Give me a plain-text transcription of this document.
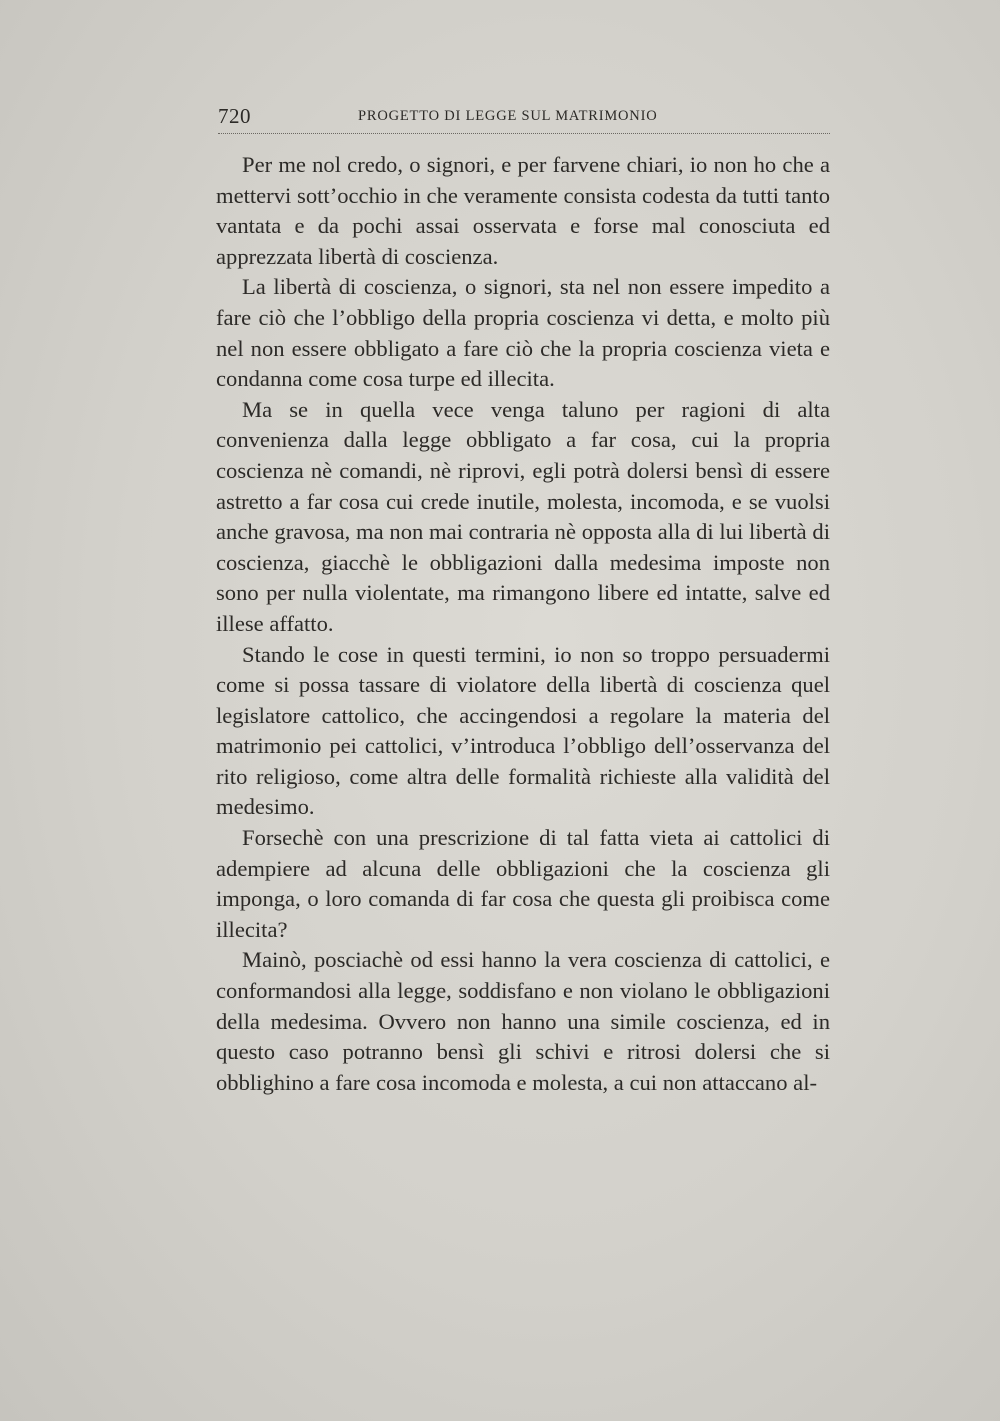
720	PROGETTO DI LEGGE SUL MATRIMONIO

Per me nol credo, o signori, e per farvene chiari, io non ho che a mettervi sott’occhio in che veramente consista codesta da tutti tanto vantata e da pochi assai osservata e forse mal conosciuta ed apprezzata libertà di coscienza.

La libertà di coscienza, o signori, sta nel non essere impedito a fare ciò che l’obbligo della propria coscienza vi detta, e molto più nel non essere obbligato a fare ciò che la propria coscienza vieta e condanna come cosa turpe ed illecita.

Ma se in quella vece venga taluno per ragioni di alta convenienza dalla legge obbligato a far cosa, cui la propria coscienza nè comandi, nè riprovi, egli potrà dolersi bensì di essere astretto a far cosa cui crede inutile, molesta, incomoda, e se vuolsi anche gravosa, ma non mai contraria nè opposta alla di lui libertà di coscienza, giacchè le obbligazioni dalla medesima imposte non sono per nulla violentate, ma rimangono libere ed intatte, salve ed illese affatto.

Stando le cose in questi termini, io non so troppo persuadermi come si possa tassare di violatore della libertà di coscienza quel legislatore cattolico, che accingendosi a regolare la materia del matrimonio pei cattolici, v’introduca l’obbligo dell’osservanza del rito religioso, come altra delle formalità richieste alla validità del medesimo.

Forsechè con una prescrizione di tal fatta vieta ai cattolici di adempiere ad alcuna delle obbligazioni che la coscienza gli imponga, o loro comanda di far cosa che questa gli proibisca come illecita?

Mainò, posciachè od essi hanno la vera coscienza di cattolici, e conformandosi alla legge, soddisfano e non violano le obbligazioni della medesima. Ovvero non hanno una simile coscienza, ed in questo caso potranno bensì gli schivi e ritrosi dolersi che si obblighino a fare cosa incomoda e molesta, a cui non attaccano al-
